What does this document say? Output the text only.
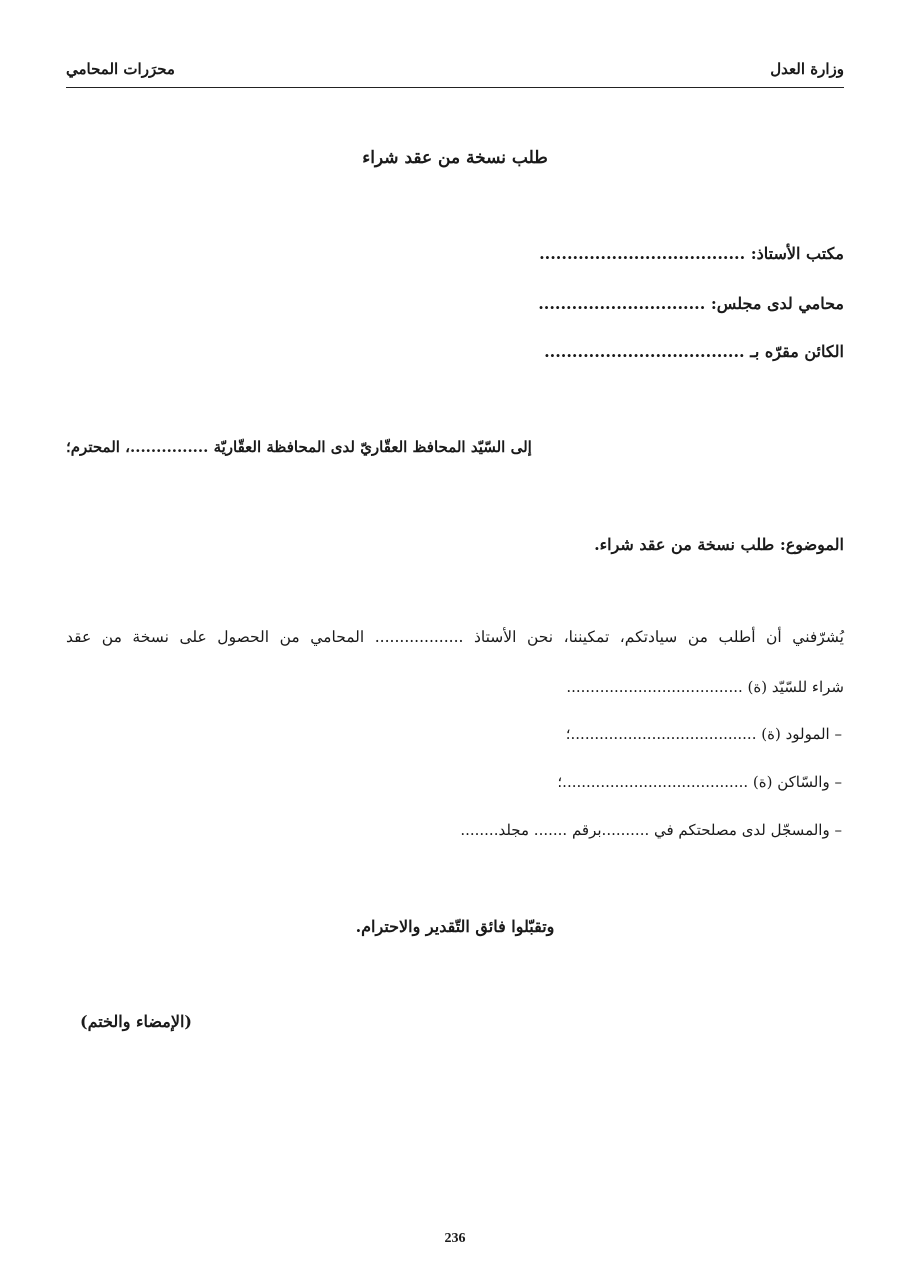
وزارة العدل
محرَرات المحامي
طلب نسخة من عقد شراء
مكتب الأستاذ: .....................................
محامي لدى مجلس: ..............................
الكائن مقرّه بـ ....................................
إلى السّيّد المحافظ العقّاريّ لدى المحافظة العقّاريّة ...............، المحترم؛
الموضوع: طلب نسخة من عقد شراء.
يُشرّفني أن أطلب من سيادتكم، تمكيننا، نحن الأستاذ .................. المحامي من الحصول على نسخة من عقد
شراء للسّيّد (ة) .....................................
– المولود (ة) .......................................؛
– والسّاكن (ة) .......................................؛
– والمسجّل لدى مصلحتكم في ..........برقم ....... مجلد........
وتقبّلوا فائق التّقدير والاحترام.
(الإمضاء والختم)
236
